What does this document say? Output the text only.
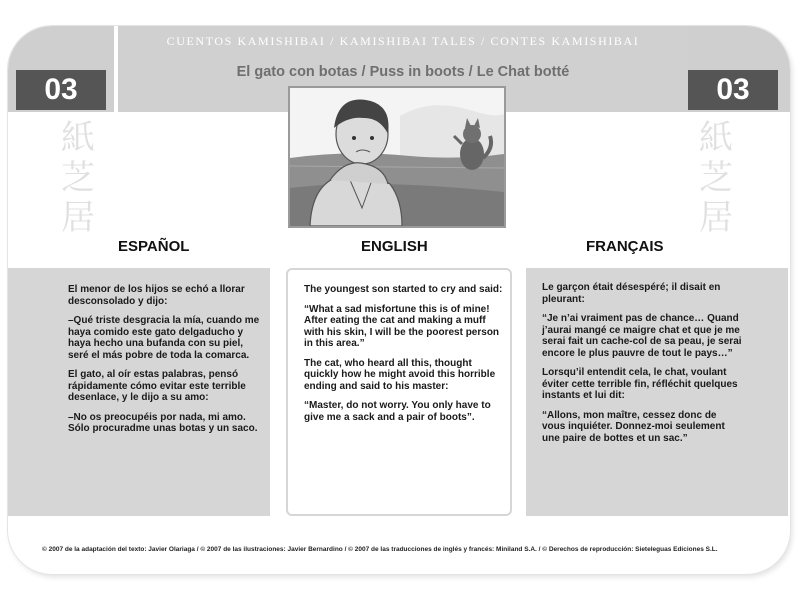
03	03
CUENTOS KAMISHIBAI / KAMISHIBAI TALES / CONTES KAMISHIBAI
El gato con botas / Puss in boots / Le Chat botté
紙
芝
居
紙
芝
居
ESPAÑOL	ENGLISH	FRANÇAIS

El menor de los hijos se echó a llorar desconsolado y dijo:

–Qué triste desgracia la mía, cuando me haya comido este gato delgaducho y haya hecho una bufanda con su piel, seré el más pobre de toda la comarca.

El gato, al oír estas palabras, pensó rápidamente cómo evitar este terrible desenlace, y le dijo a su amo:

–No os preocupéis por nada, mi amo. Sólo procuradme unas botas y un saco.

The youngest son started to cry and said:

“What a sad misfortune this is of mine! After eating the cat and making a muff with his skin, I will be the poorest person in this area.”

The cat, who heard all this, thought quickly how he might avoid this horrible ending and said to his master:

“Master, do not worry. You only have to give me a sack and a pair of boots”.

Le garçon était désespéré; il disait en pleurant:

“Je n’ai vraiment pas de chance… Quand j’aurai mangé ce maigre chat et que je me serai fait un cache-col de sa peau, je serai encore le plus pauvre de tout le pays…”

Lorsqu’il entendit cela, le chat, voulant éviter cette terrible fin, réfléchit quelques instants et lui dit:

“Allons, mon maître, cessez donc de vous inquiéter. Donnez-moi seulement une paire de bottes et un sac.”

© 2007 de la adaptación del texto: Javier Olariaga / © 2007 de las ilustraciones: Javier Bernardino / © 2007 de las traducciones de inglés y francés: Miniland S.A. / © Derechos de reproducción: Sieteleguas Ediciones S.L.
